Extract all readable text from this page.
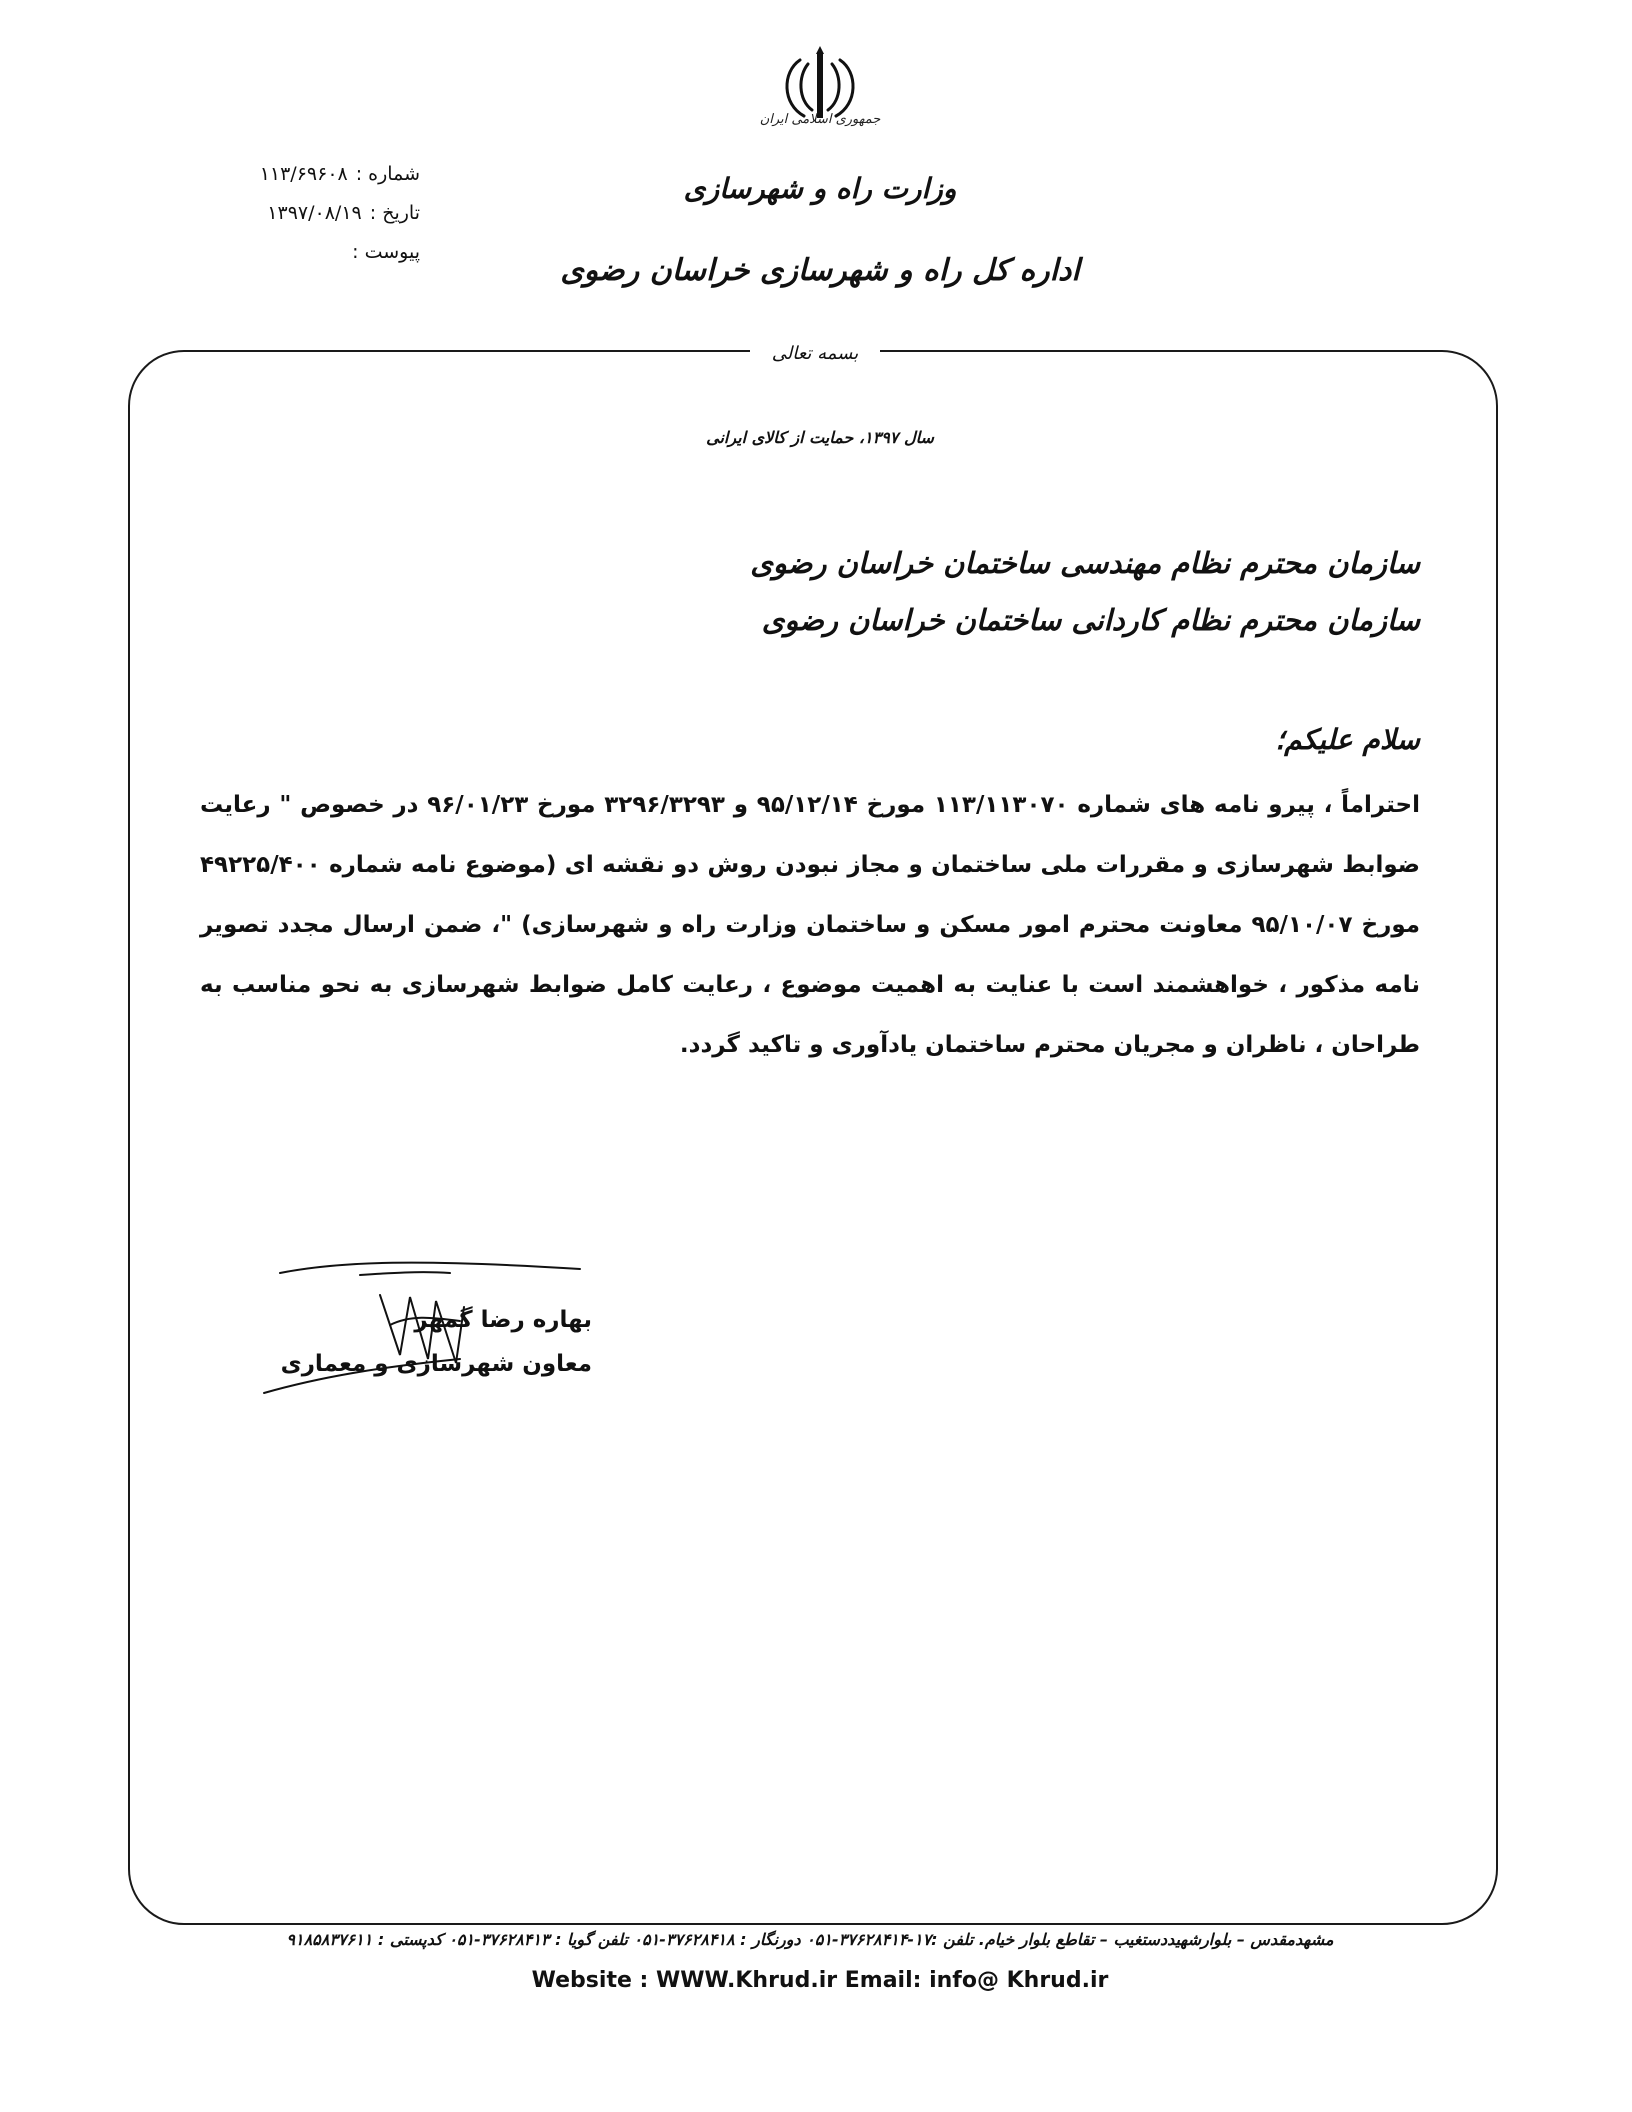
جمهوری اسلامی ایران
وزارت راه و شهرسازی
اداره کل راه و شهرسازی خراسان رضوی
شماره :
۱۱۳/۶۹۶۰۸
تاریخ :
۱۳۹۷/۰۸/۱۹
پیوست :
بسمه تعالی
سال ۱۳۹۷، حمایت از کالای ایرانی
سازمان محترم نظام مهندسی ساختمان خراسان رضوی
سازمان محترم نظام کاردانی ساختمان خراسان رضوی
سلام علیکم؛
احتراماً ، پیرو نامه های شماره ۱۱۳/۱۱۳۰۷۰ مورخ ۹۵/۱۲/۱۴ و ۳۲۹۶/۳۲۹۳ مورخ ۹۶/۰۱/۲۳ در خصوص " رعایت ضوابط شهرسازی و مقررات ملی ساختمان و مجاز نبودن روش دو نقشه ای (موضوع نامه شماره ۴۹۲۲۵/۴۰۰ مورخ ۹۵/۱۰/۰۷ معاونت محترم امور مسکن و ساختمان وزارت راه و شهرسازی) "، ضمن ارسال مجدد تصویر نامه مذکور ، خواهشمند است با عنایت به اهمیت موضوع ، رعایت کامل ضوابط شهرسازی به نحو مناسب به طراحان ، ناظران و مجریان محترم ساختمان یادآوری و تاکید گردد.
بهاره رضا گمهر
معاون شهرسازی و معماری
مشهدمقدس – بلوارشهیددستغیب – تقاطع بلوار خیام. تلفن :۱۷-۳۷۶۲۸۴۱۴-۰۵۱ دورنگار : ۳۷۶۲۸۴۱۸-۰۵۱ تلفن گویا : ۳۷۶۲۸۴۱۳-۰۵۱ کدپستی : ۹۱۸۵۸۳۷۶۱۱
Website : WWW.Khrud.ir Email: info@ Khrud.ir
